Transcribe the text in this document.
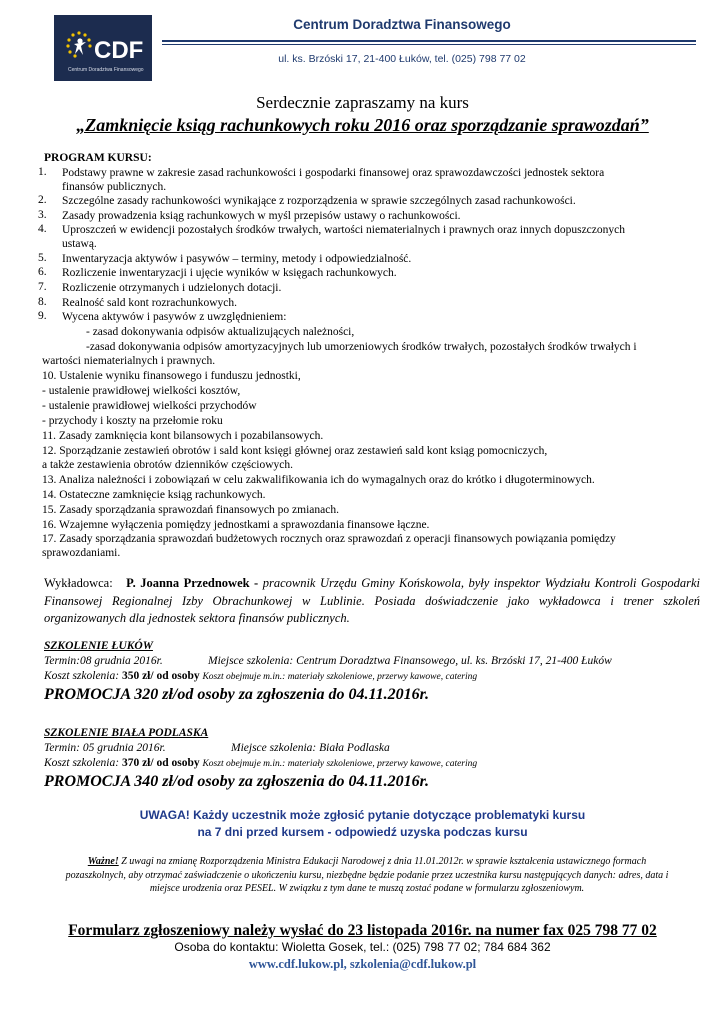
CDF
Centrum Doradztwa Finansowego
Centrum Doradztwa Finansowego
ul. ks. Brzóski 17, 21-400 Łuków, tel. (025) 798 77 02
Serdecznie zapraszamy na kurs
„Zamknięcie ksiąg rachunkowych roku 2016 oraz sporządzanie sprawozdań”
PROGRAM KURSU:
1. Podstawy prawne w zakresie zasad rachunkowości i gospodarki finansowej oraz sprawozdawczości jednostek sektora
finansów publicznych.
2. Szczególne zasady rachunkowości wynikające z rozporządzenia w sprawie szczególnych zasad rachunkowości.
3. Zasady prowadzenia ksiąg rachunkowych w myśl przepisów ustawy o rachunkowości.
4. Uproszczeń w ewidencji pozostałych środków trwałych, wartości niematerialnych i prawnych oraz innych dopuszczonych
ustawą.
5. Inwentaryzacja aktywów i pasywów – terminy, metody i odpowiedzialność.
6. Rozliczenie inwentaryzacji i ujęcie wyników w księgach rachunkowych.
7. Rozliczenie otrzymanych i udzielonych dotacji.
8. Realność sald kont rozrachunkowych.
9. Wycena aktywów i pasywów z uwzględnieniem:
- zasad dokonywania odpisów aktualizujących należności,
-zasad dokonywania odpisów amortyzacyjnych lub umorzeniowych środków trwałych, pozostałych środków trwałych i
wartości niematerialnych i prawnych.
10. Ustalenie wyniku finansowego i funduszu jednostki,
- ustalenie prawidłowej wielkości kosztów,
- ustalenie prawidłowej wielkości przychodów
- przychody i koszty na przełomie roku
11. Zasady zamknięcia kont bilansowych i pozabilansowych.
12. Sporządzanie zestawień obrotów i sald kont księgi głównej oraz zestawień sald kont ksiąg pomocniczych,
a także zestawienia obrotów dzienników częściowych.
13. Analiza należności i zobowiązań w celu zakwalifikowania ich do wymagalnych oraz do krótko i długoterminowych.
14. Ostateczne zamknięcie ksiąg rachunkowych.
15. Zasady sporządzania sprawozdań finansowych po zmianach.
16. Wzajemne wyłączenia pomiędzy jednostkami a sprawozdania finansowe łączne.
17. Zasady sporządzania sprawozdań budżetowych rocznych oraz sprawozdań z operacji finansowych powiązania pomiędzy
sprawozdaniami.
Wykładowca: P. Joanna Przednowek - pracownik Urzędu Gminy Końskowola, były inspektor Wydziału Kontroli Gospodarki Finansowej Regionalnej Izby Obrachunkowej w Lublinie. Posiada doświadczenie jako wykładowca i trener szkoleń organizowanych dla jednostek sektora finansów publicznych.
SZKOLENIE ŁUKÓW
Termin:08 grudnia 2016r.	Miejsce szkolenia: Centrum Doradztwa Finansowego, ul. ks. Brzóski 17, 21-400 Łuków
Koszt szkolenia: 350 zł/ od osoby Koszt obejmuje m.in.: materiały szkoleniowe, przerwy kawowe, catering
PROMOCJA 320 zł/od osoby za zgłoszenia do 04.11.2016r.
SZKOLENIE BIAŁA PODLASKA
Termin: 05 grudnia 2016r.	Miejsce szkolenia: Biała Podlaska
Koszt szkolenia: 370 zł/ od osoby Koszt obejmuje m.in.: materiały szkoleniowe, przerwy kawowe, catering
PROMOCJA 340 zł/od osoby za zgłoszenia do 04.11.2016r.
UWAGA! Każdy uczestnik może zgłosić pytanie dotyczące problematyki kursu
na 7 dni przed kursem - odpowiedź uzyska podczas kursu
Ważne! Z uwagi na zmianę Rozporządzenia Ministra Edukacji Narodowej z dnia 11.01.2012r. w sprawie kształcenia ustawicznego formach pozaszkolnych, aby otrzymać zaświadczenie o ukończeniu kursu, niezbędne będzie podanie przez uczestnika kursu następujących danych: adres, data i miejsce urodzenia oraz PESEL. W związku z tym dane te muszą zostać podane w formularzu zgłoszeniowym.
Formularz zgłoszeniowy należy wysłać do 23 listopada 2016r. na numer fax 025 798 77 02
Osoba do kontaktu: Wioletta Gosek, tel.: (025) 798 77 02; 784 684 362
www.cdf.lukow.pl, szkolenia@cdf.lukow.pl
